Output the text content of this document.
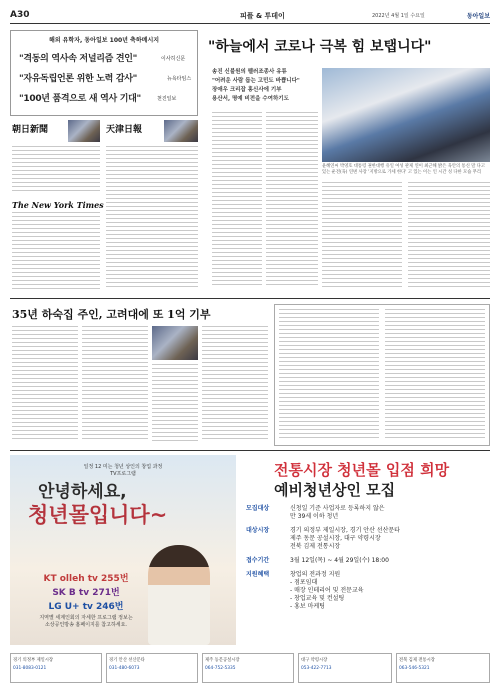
A30	피플 & 투데이	2022년 4월 1일 수요일	동아일보
해외 유학자, 동아일보 100년 축하메시지
"격동의 역사속 저널리즘 견인"	이사히신문
"자유독립언론 위한 노력 감사"	뉴욕타임스
"100년 품격으로 새 역사 기대"	천진일보
朝日新聞
The New York Times
天津日報
"하늘에서 코로나 극복 힘 보탭니다"
송진 신불원의 펠러조종사 유튜
"어려운 사람 돕는 고민도 바쁩니다"
장애우 크리잡 홍신사에 기부
용산서, 명예 비전을 수여하기도
윤혜연씨 박영호 대통령 권한대행 유일 여성 관제 연이 최근해 밝은 육안의 통신 말 다고 있는 운전(육) 연변 사장 '지방으로 가세 한다' 고 있는 이는 인 시간 성 다한 모습 무리
35년 하숙집 주인, 고려대에 또 1억 기부
일정 12 미는 청년 상인의 창업 과정
TV프로그램
안녕하세요,
청년몰입니다~
KT olleh tv 255번
SK B tv 271번
LG U+ tv 246번
지역별 세계인회의 자세한 프로그램 정보는
소상공인방송 홈페이지를 참고하세요.
전통시장 청년몰 입점 희망
예비청년상인 모집
모집대상	신청일 기준 사업자로 등록하지 않은
만 39세 이하 청년
대상시장	경기 의정부 제일시장, 경기 안산 선산문타
제주 동문 공설시장, 대구 약령시장
전북 김제 전통시장
접수기간	3월 12일(목) ~ 4월 29일(수) 18:00
지원혜택	창업의 전과정 지원
- 점포임대
- 매장 인테리어 및 전문교육
- 창업교육 및 컨설팅
- 홍보 마케팅
경기 의정부 제일시장
031-8083-0121
경기 안산 선산문타
031-480-6073
제주 동문공설시장
064-752-5335
대구 약령시장
053-422-7713
전북 김제 전통시장
063-546-5321
